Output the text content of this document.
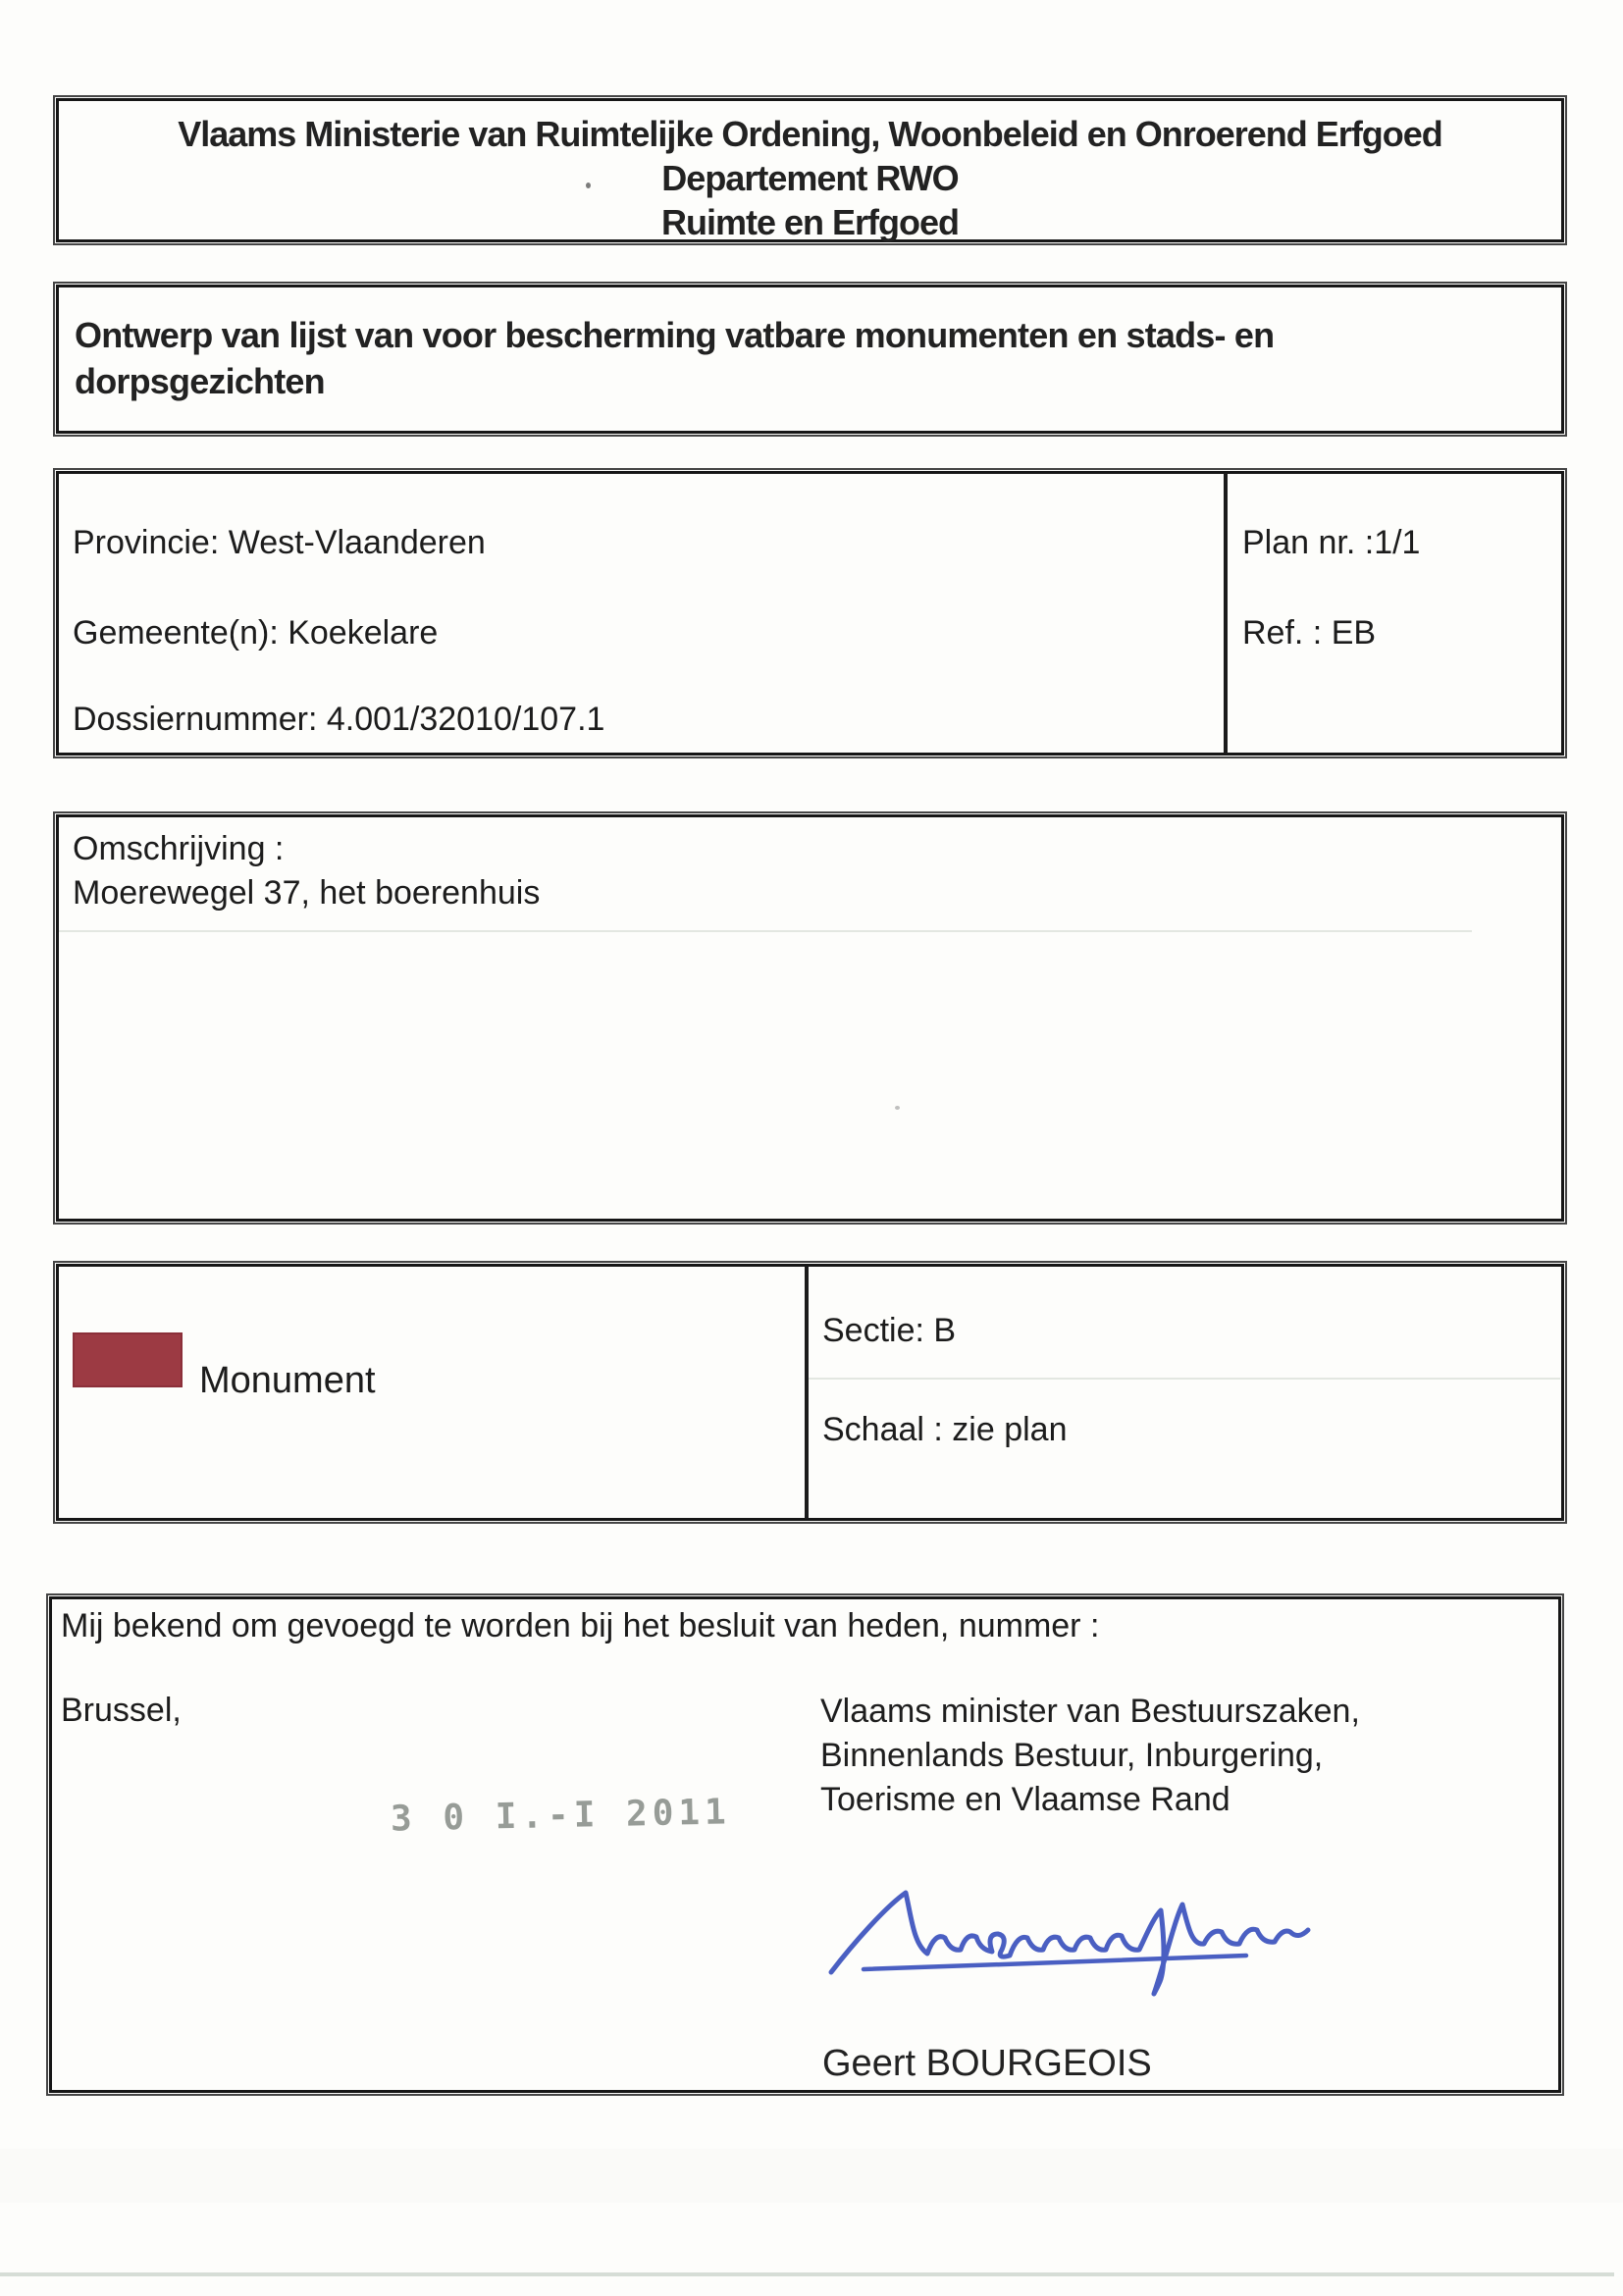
Vlaams Ministerie van Ruimtelijke Ordening, Woonbeleid en Onroerend Erfgoed
Departement RWO
Ruimte en Erfgoed
Ontwerp van lijst van voor bescherming vatbare monumenten en stads- en
dorpsgezichten
Provincie: West-Vlaanderen
Gemeente(n): Koekelare
Dossiernummer: 4.001/32010/107.1
Plan nr. :1/1
Ref. : EB
Omschrijving :
Moerewegel 37, het boerenhuis
Monument
Sectie: B
Schaal : zie plan
Mij bekend om gevoegd te worden bij het besluit van heden, nummer :
Brussel,
3 0 I.-I 2011
Vlaams minister van Bestuurszaken,
Binnenlands Bestuur, Inburgering,
Toerisme en Vlaamse Rand
Geert BOURGEOIS
